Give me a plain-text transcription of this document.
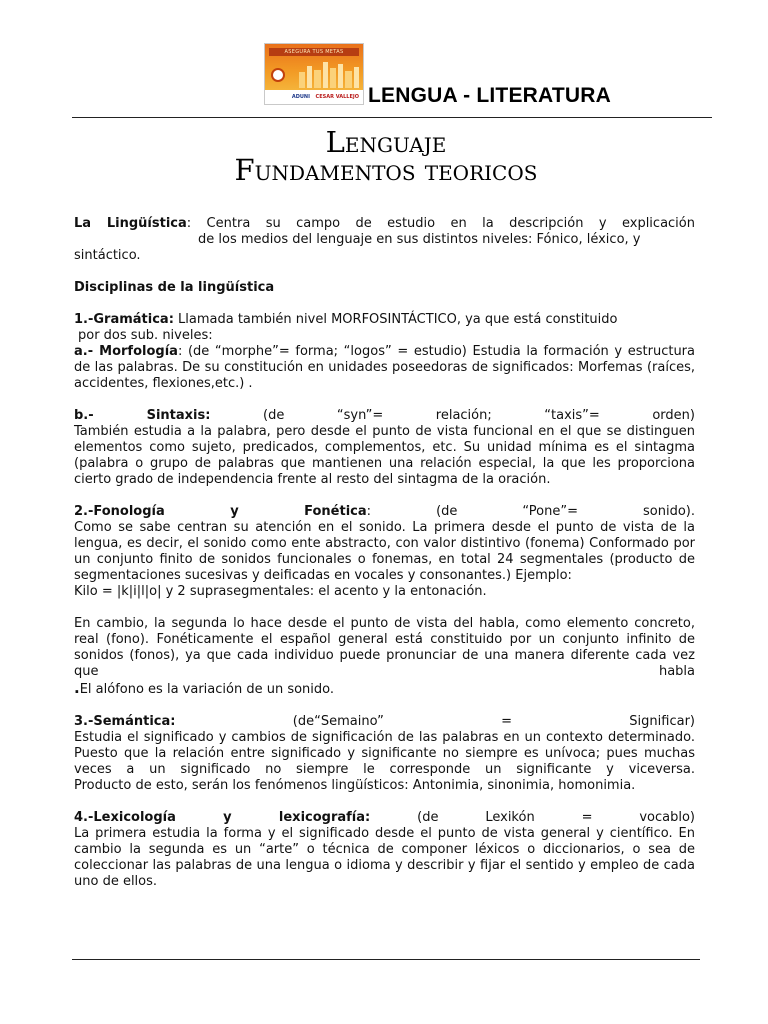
ASEGURA TUS METAS
ADUNI CESAR VALLEJO LENGUA - LITERATURA
Lenguaje
Fundamentos teoricos
La Lingüística: Centra su campo de estudio en la descripción y explicación
de los medios del lenguaje en sus distintos niveles: Fónico, léxico, y
sintáctico.
Disciplinas de la lingüística
1.-Gramática: Llamada también nivel MORFOSINTÁCTICO, ya que está constituido
por dos sub. niveles:
a.- Morfología: (de “morphe”= forma; “logos” = estudio) Estudia la formación y estructura de las palabras. De su constitución en unidades poseedoras de significados: Morfemas (raíces, accidentes, flexiones,etc.) .
b.- Sintaxis: (de “syn”= relación; “taxis”= orden)
También estudia a la palabra, pero desde el punto de vista funcional en el que se distinguen elementos como sujeto, predicados, complementos, etc. Su unidad mínima es el sintagma (palabra o grupo de palabras que mantienen una relación especial, la que les proporciona cierto grado de independencia frente al resto del sintagma de la oración.
2.-Fonología y Fonética: (de “Pone”= sonido).
Como se sabe centran su atención en el sonido. La primera desde el punto de vista de la lengua, es decir, el sonido como ente abstracto, con valor distintivo (fonema) Conformado por un conjunto finito de sonidos funcionales o fonemas, en total 24 segmentales (producto de segmentaciones sucesivas y deificadas en vocales y consonantes.) Ejemplo:
Kilo = |k|i|l|o| y 2 suprasegmentales: el acento y la entonación.
En cambio, la segunda lo hace desde el punto de vista del habla, como elemento concreto, real (fono). Fonéticamente el español general está constituido por un conjunto infinito de sonidos (fonos), ya que cada individuo puede pronunciar de una manera diferente cada vez que habla
.El alófono es la variación de un sonido.
3.-Semántica: (de“Semaino” = Significar)
Estudia el significado y cambios de significación de las palabras en un contexto determinado. Puesto que la relación entre significado y significante no siempre es unívoca; pues muchas veces a un significado no siempre le corresponde un significante y viceversa.
Producto de esto, serán los fenómenos lingüísticos: Antonimia, sinonimia, homonimia.
4.-Lexicología y lexicografía: (de Lexikón = vocablo)
La primera estudia la forma y el significado desde el punto de vista general y científico. En cambio la segunda es un “arte” o técnica de componer léxicos o diccionarios, o sea de coleccionar las palabras de una lengua o idioma y describir y fijar el sentido y empleo de cada uno de ellos.
